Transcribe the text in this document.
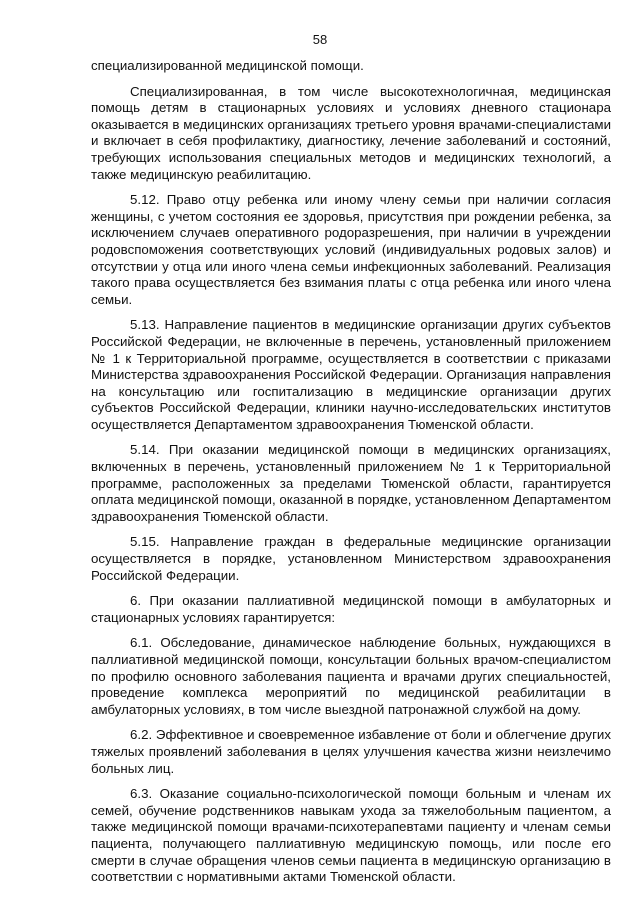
58

специализированной медицинской помощи.

Специализированная, в том числе высокотехнологичная, медицинская помощь детям в стационарных условиях и условиях дневного стационара оказывается в медицинских организациях третьего уровня врачами-специалистами и включает в себя профилактику, диагностику, лечение заболеваний и состояний, требующих использования специальных методов и медицинских технологий, а также медицинскую реабилитацию.

5.12. Право отцу ребенка или иному члену семьи при наличии согласия женщины, с учетом состояния ее здоровья, присутствия при рождении ребенка, за исключением случаев оперативного родоразрешения, при наличии в учреждении родовспоможения соответствующих условий (индивидуальных родовых залов) и отсутствии у отца или иного члена семьи инфекционных заболеваний. Реализация такого права осуществляется без взимания платы с отца ребенка или иного члена семьи.

5.13. Направление пациентов в медицинские организации других субъектов Российской Федерации, не включенные в перечень, установленный приложением № 1 к Территориальной программе, осуществляется в соответствии с приказами Министерства здравоохранения Российской Федерации. Организация направления на консультацию или госпитализацию в медицинские организации других субъектов Российской Федерации, клиники научно-исследовательских институтов осуществляется Департаментом здравоохранения Тюменской области.

5.14. При оказании медицинской помощи в медицинских организациях, включенных в перечень, установленный приложением № 1 к Территориальной программе, расположенных за пределами Тюменской области, гарантируется оплата медицинской помощи, оказанной в порядке, установленном Департаментом здравоохранения Тюменской области.

5.15. Направление граждан в федеральные медицинские организации осуществляется в порядке, установленном Министерством здравоохранения Российской Федерации.

6. При оказании паллиативной медицинской помощи в амбулаторных и стационарных условиях гарантируется:

6.1. Обследование, динамическое наблюдение больных, нуждающихся в паллиативной медицинской помощи, консультации больных врачом-специалистом по профилю основного заболевания пациента и врачами других специальностей, проведение комплекса мероприятий по медицинской реабилитации в амбулаторных условиях, в том числе выездной патронажной службой на дому.

6.2. Эффективное и своевременное избавление от боли и облегчение других тяжелых проявлений заболевания в целях улучшения качества жизни неизлечимо больных лиц.

6.3. Оказание социально-психологической помощи больным и членам их семей, обучение родственников навыкам ухода за тяжелобольным пациентом, а также медицинской помощи врачами-психотерапевтами пациенту и членам семьи пациента, получающего паллиативную медицинскую помощь, или после его смерти в случае обращения членов семьи пациента в медицинскую организацию в соответствии с нормативными актами Тюменской области.
